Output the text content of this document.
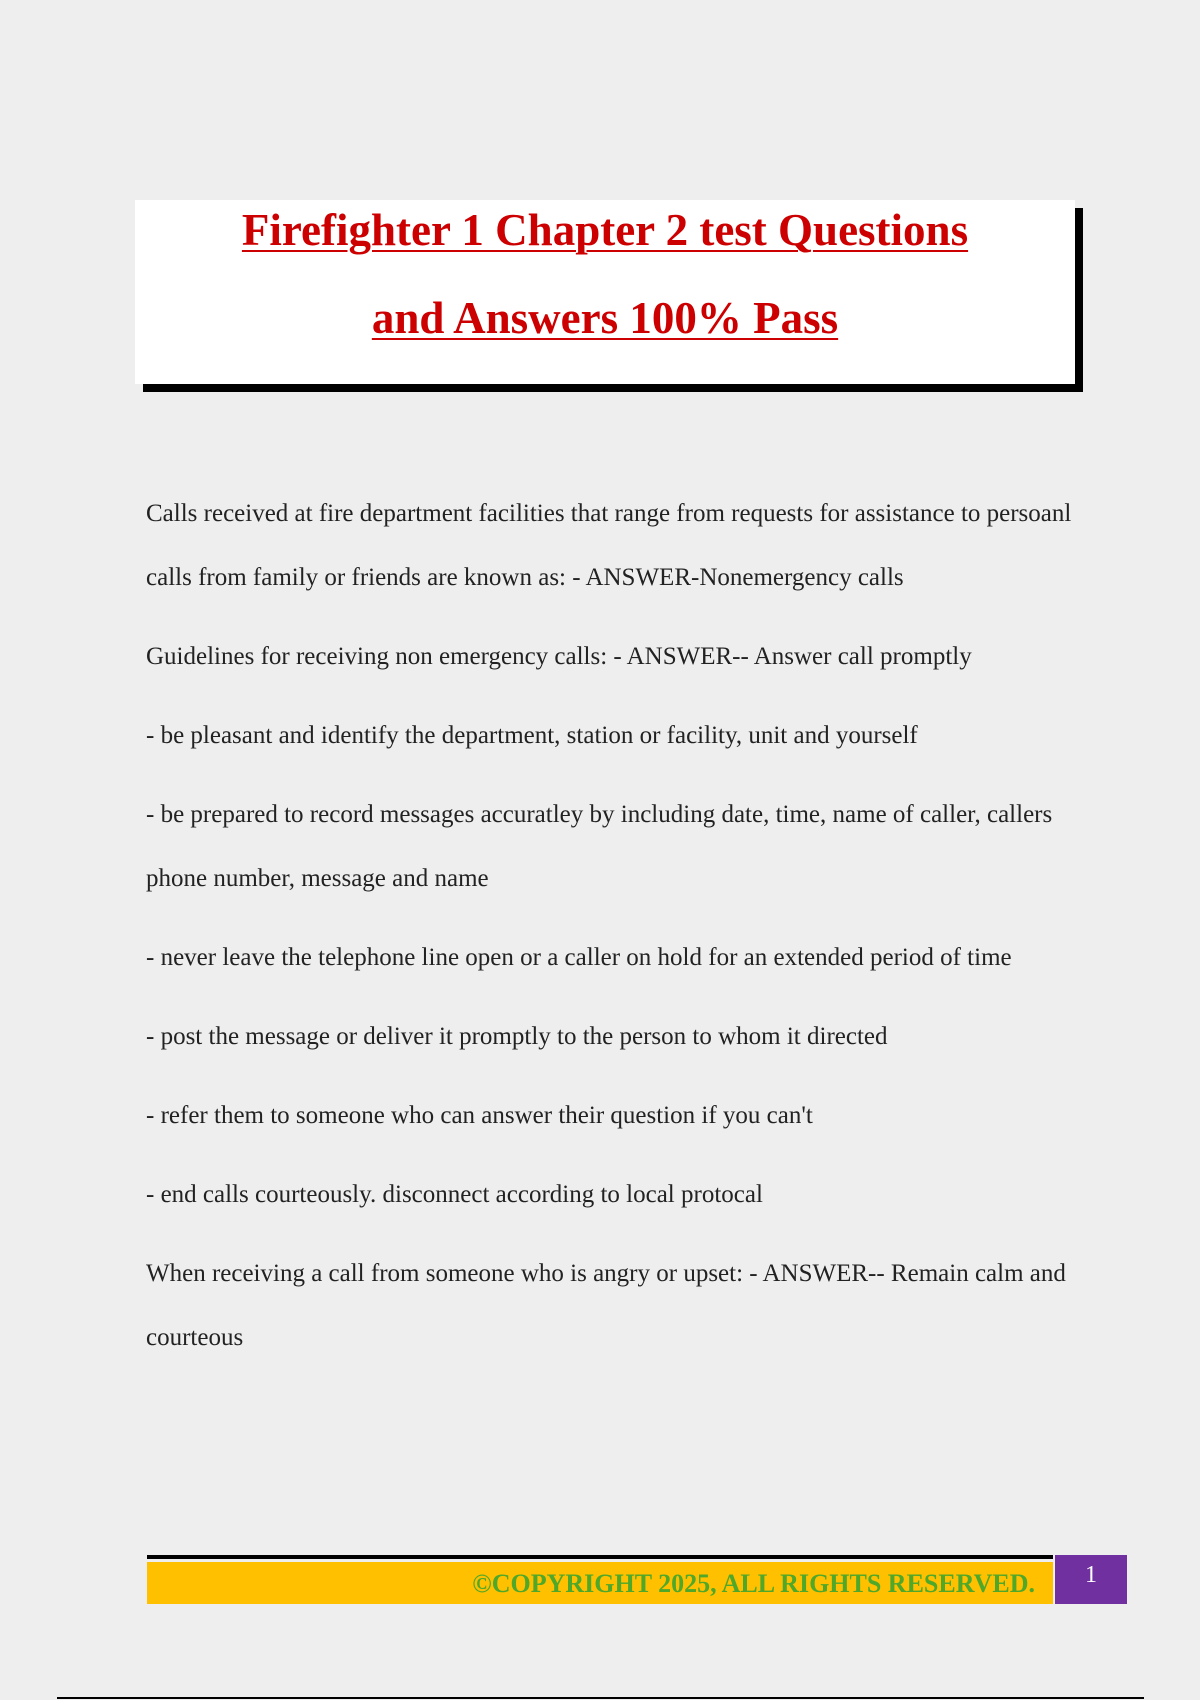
Firefighter 1 Chapter 2 test Questions
and Answers 100% Pass

Calls received at fire department facilities that range from requests for assistance to persoanl calls from family or friends are known as: - ANSWER-Nonemergency calls

Guidelines for receiving non emergency calls: - ANSWER-- Answer call promptly

- be pleasant and identify the department, station or facility, unit and yourself

- be prepared to record messages accuratley by including date, time, name of caller, callers phone number, message and name

- never leave the telephone line open or a caller on hold for an extended period of time

- post the message or deliver it promptly to the person to whom it directed

- refer them to someone who can answer their question if you can't

- end calls courteously. disconnect according to local protocal

When receiving a call from someone who is angry or upset: - ANSWER-- Remain calm and courteous

©COPYRIGHT 2025, ALL RIGHTS RESERVED.	1
